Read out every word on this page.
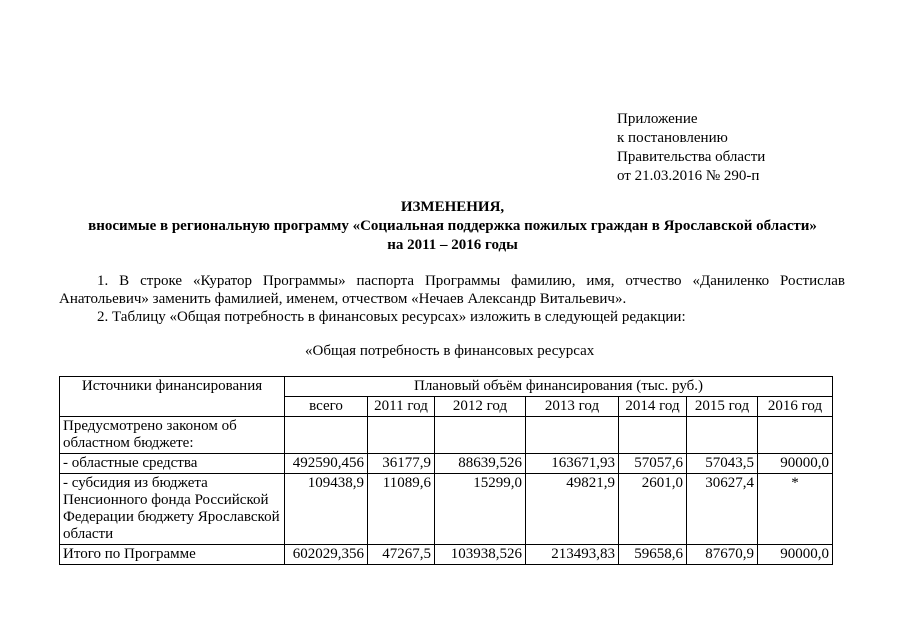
Приложение
к постановлению
Правительства области
от 21.03.2016 № 290-п
ИЗМЕНЕНИЯ,
вносимые в региональную программу «Социальная поддержка пожилых граждан в Ярославской области»
на 2011 – 2016 годы
1. В строке «Куратор Программы» паспорта Программы фамилию, имя, отчество «Даниленко Ростислав
Анатольевич» заменить фамилией, именем, отчеством «Нечаев Александр Витальевич».
2. Таблицу «Общая потребность в финансовых ресурсах» изложить в следующей редакции:
«Общая потребность в финансовых ресурсах
Источники финансирования	Плановый объём финансирования (тыс. руб.)						
	всего	2011 год	2012 год	2013 год	2014 год	2015 год	2016 год
Предусмотрено законом об областном бюджете:							
- областные средства	492590,456	36177,9	88639,526	163671,93	57057,6	57043,5	90000,0
- субсидия из бюджета Пенсионного фонда Российской Федерации бюджету Ярославской области	109438,9	11089,6	15299,0	49821,9	2601,0	30627,4	*
Итого по Программе	602029,356	47267,5	103938,526	213493,83	59658,6	87670,9	90000,0
